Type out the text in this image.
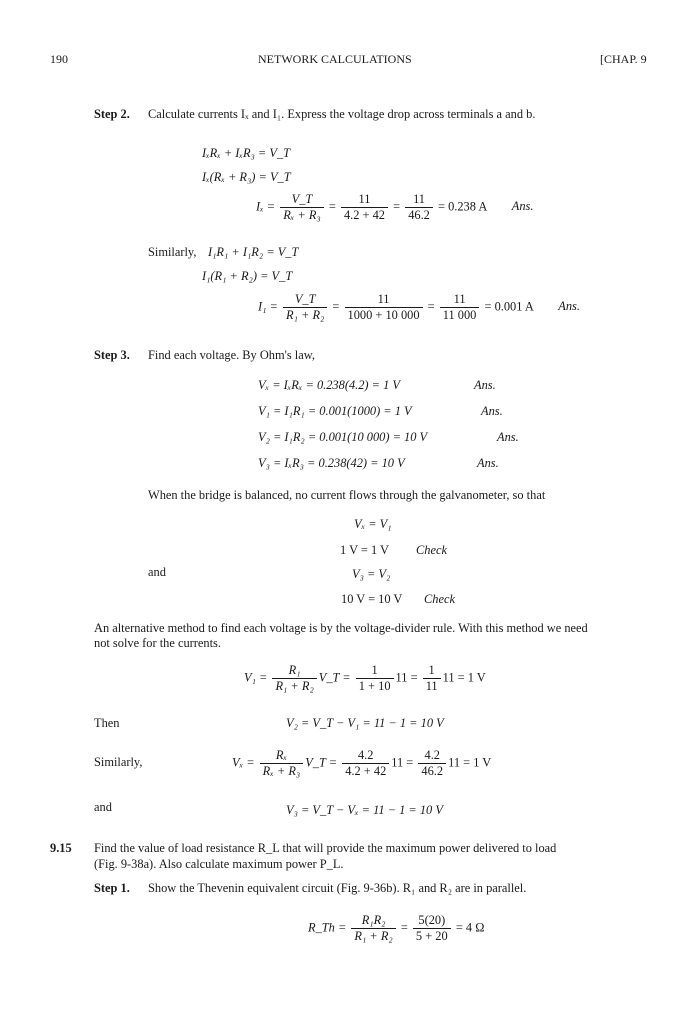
190	NETWORK CALCULATIONS	[CHAP. 9
Step 2. Calculate currents Iₓ and I₁. Express the voltage drop across terminals a and b.
IₓRₓ + IₓR₃ = V_T
Iₓ(Rₓ + R₃) = V_T
$I_x = \frac{V\_T}{\text{Rₓ + R₃}} = \frac{11}{4.2 + 42} = \frac{11}{46.2} = 0.238$ A Ans.
Similarly, I₁R₁ + I₁R₂ = V_T
I₁(R₁ + R₂) = V_T
$I_1 = \frac{V\_T}{\text{R₁ + R₂}} = \frac{11}{1000 + 10 000} = \frac{11}{11 000} = 0.001$ A Ans.
Step 3. Find each voltage. By Ohm's law,
Vₓ = IₓRₓ = 0.238(4.2) = 1 V	Ans.
V₁ = I₁R₁ = 0.001(1000) = 1 V	Ans.
V₂ = I₁R₂ = 0.001(10 000) = 10 V	Ans.
V₃ = IₓR₃ = 0.238(42) = 10 V	Ans.
When the bridge is balanced, no current flows through the galvanometer, so that
Vₓ = V₁
1 V = 1 V Check
and	V₃ = V₂
10 V = 10 V Check
An alternative method to find each voltage is by the voltage-divider rule. With this method we need
not solve for the currents.
$V_1 = \frac{\text{R₁}}{\text{R₁ + R₂}}$ V_T = $\frac{1}{1 + 10} 11 = \frac{1}{11} 11 = 1$ V
Then	V₂ = V_T − V₁ = 11 − 1 = 10 V
Similarly,	$V_x = \frac{\text{Rₓ}}{\text{Rₓ + R₃}}$ V_T = $\frac{4.2}{4.2 + 42} 11 = \frac{4.2}{46.2} 11 = 1$ V
and	V₃ = V_T − Vₓ = 11 − 1 = 10 V
9.15 Find the value of load resistance R_L that will provide the maximum power delivered to load
(Fig. 9-38a). Also calculate maximum power P_L.
Step 1. Show the Thevenin equivalent circuit (Fig. 9-36b). R₁ and R₂ are in parallel.
R_Th = $\frac{\text{R₁R₂}}{\text{R₁ + R₂}} = \frac{5(20)}{5 + 20} = 4$ Ω
